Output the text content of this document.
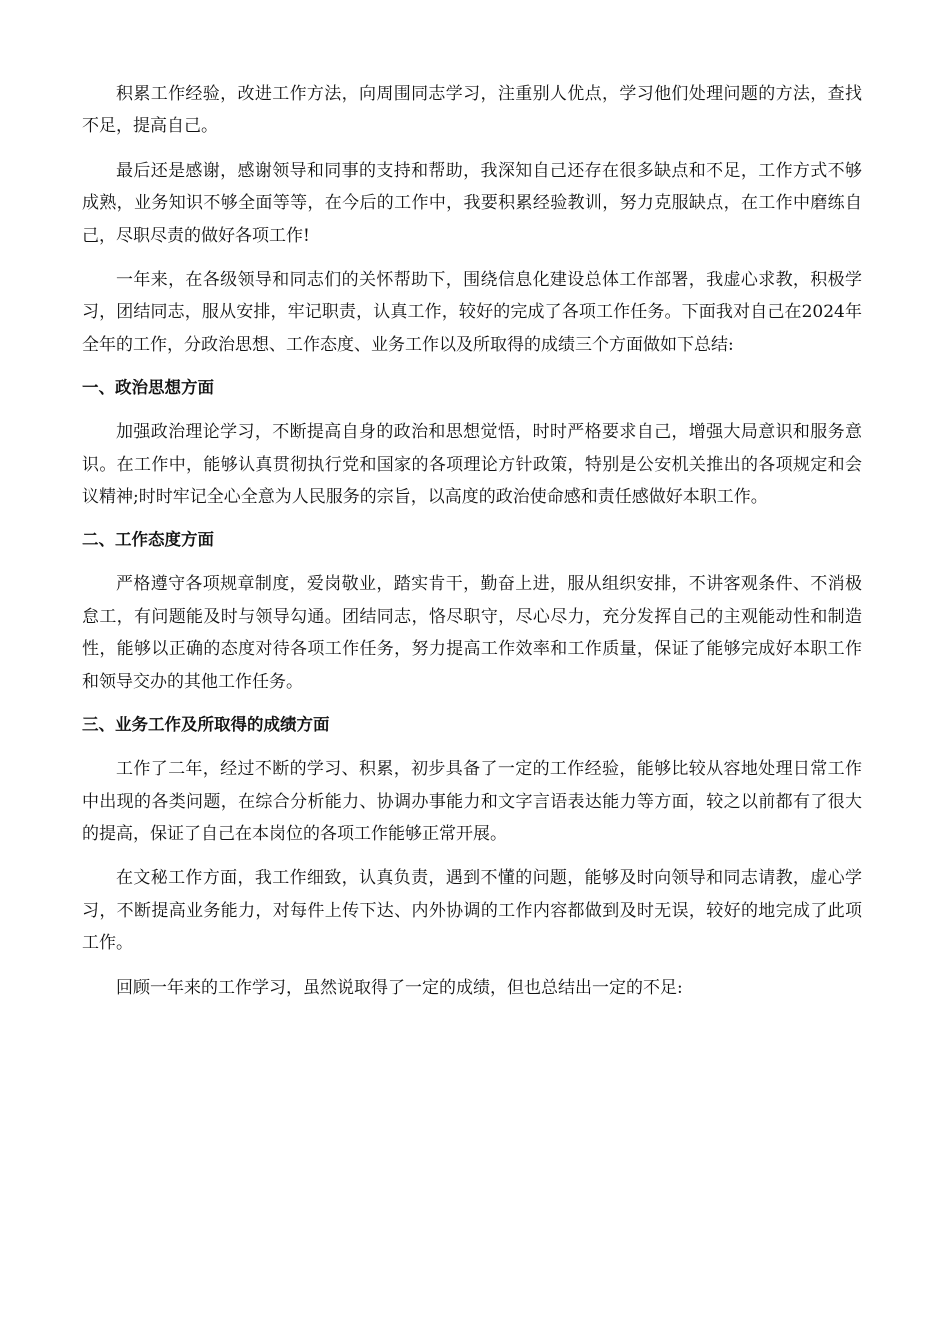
积累工作经验，改进工作方法，向周围同志学习，注重别人优点，学习他们处理问题的方法，查找不足，提高自己。

最后还是感谢，感谢领导和同事的支持和帮助，我深知自己还存在很多缺点和不足，工作方式不够成熟，业务知识不够全面等等，在今后的工作中，我要积累经验教训，努力克服缺点，在工作中磨练自己，尽职尽责的做好各项工作!

一年来，在各级领导和同志们的关怀帮助下，围绕信息化建设总体工作部署，我虚心求教，积极学习，团结同志，服从安排，牢记职责，认真工作，较好的完成了各项工作任务。下面我对自己在2024年全年的工作，分政治思想、工作态度、业务工作以及所取得的成绩三个方面做如下总结:

一、政治思想方面

加强政治理论学习，不断提高自身的政治和思想觉悟，时时严格要求自己，增强大局意识和服务意识。在工作中，能够认真贯彻执行党和国家的各项理论方针政策，特别是公安机关推出的各项规定和会议精神;时时牢记全心全意为人民服务的宗旨，以高度的政治使命感和责任感做好本职工作。

二、工作态度方面

严格遵守各项规章制度，爱岗敬业，踏实肯干，勤奋上进，服从组织安排，不讲客观条件、不消极怠工，有问题能及时与领导勾通。团结同志，恪尽职守，尽心尽力，充分发挥自己的主观能动性和制造性，能够以正确的态度对待各项工作任务，努力提高工作效率和工作质量，保证了能够完成好本职工作和领导交办的其他工作任务。

三、业务工作及所取得的成绩方面

工作了二年，经过不断的学习、积累，初步具备了一定的工作经验，能够比较从容地处理日常工作中出现的各类问题，在综合分析能力、协调办事能力和文字言语表达能力等方面，较之以前都有了很大的提高，保证了自己在本岗位的各项工作能够正常开展。

在文秘工作方面，我工作细致，认真负责，遇到不懂的问题，能够及时向领导和同志请教，虚心学习，不断提高业务能力，对每件上传下达、内外协调的工作内容都做到及时无误，较好的地完成了此项工作。

回顾一年来的工作学习，虽然说取得了一定的成绩，但也总结出一定的不足:
